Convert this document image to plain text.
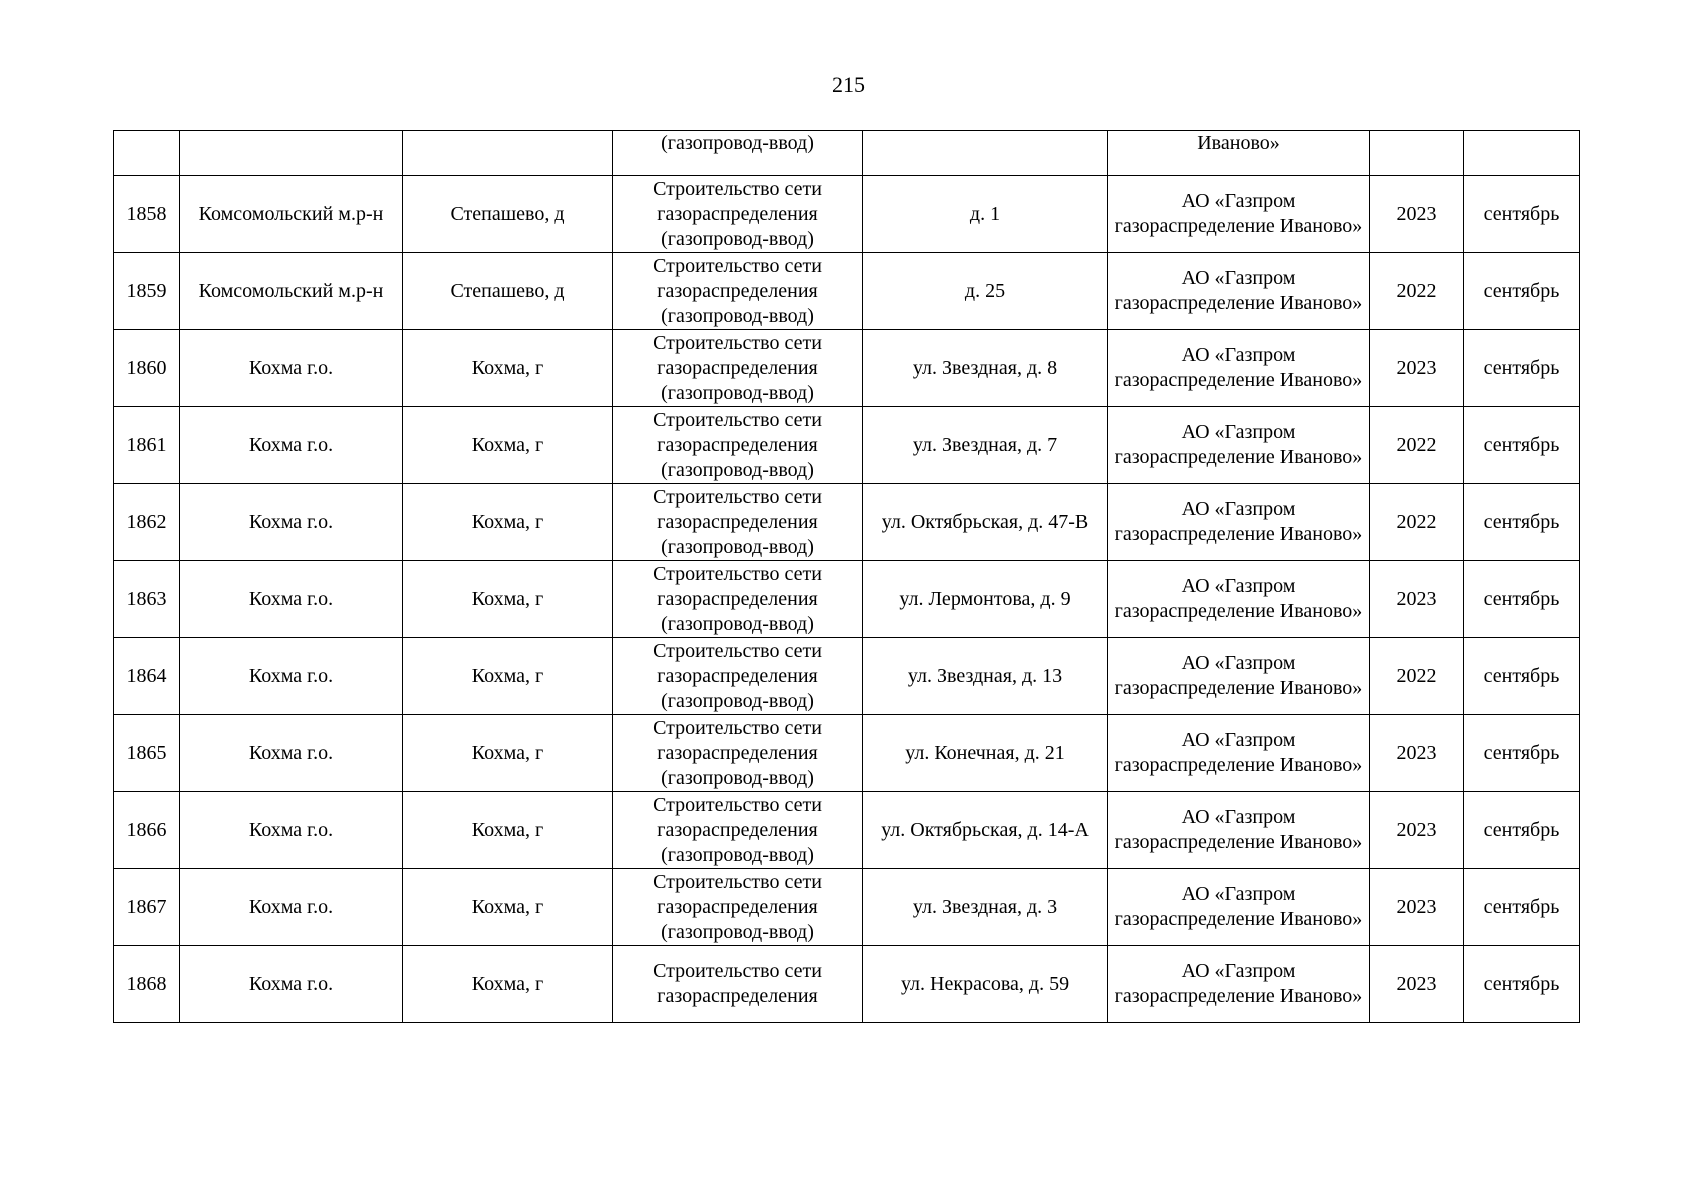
215
			(газопровод-ввод)		Иваново»		
1858	Комсомольский м.р-н	Степашево, д	Строительство сети газораспределения (газопровод-ввод)	д. 1	АО «Газпром газораспределение Иваново»	2023	сентябрь
1859	Комсомольский м.р-н	Степашево, д	Строительство сети газораспределения (газопровод-ввод)	д. 25	АО «Газпром газораспределение Иваново»	2022	сентябрь
1860	Кохма г.о.	Кохма, г	Строительство сети газораспределения (газопровод-ввод)	ул. Звездная, д. 8	АО «Газпром газораспределение Иваново»	2023	сентябрь
1861	Кохма г.о.	Кохма, г	Строительство сети газораспределения (газопровод-ввод)	ул. Звездная, д. 7	АО «Газпром газораспределение Иваново»	2022	сентябрь
1862	Кохма г.о.	Кохма, г	Строительство сети газораспределения (газопровод-ввод)	ул. Октябрьская, д. 47-В	АО «Газпром газораспределение Иваново»	2022	сентябрь
1863	Кохма г.о.	Кохма, г	Строительство сети газораспределения (газопровод-ввод)	ул. Лермонтова, д. 9	АО «Газпром газораспределение Иваново»	2023	сентябрь
1864	Кохма г.о.	Кохма, г	Строительство сети газораспределения (газопровод-ввод)	ул. Звездная, д. 13	АО «Газпром газораспределение Иваново»	2022	сентябрь
1865	Кохма г.о.	Кохма, г	Строительство сети газораспределения (газопровод-ввод)	ул. Конечная, д. 21	АО «Газпром газораспределение Иваново»	2023	сентябрь
1866	Кохма г.о.	Кохма, г	Строительство сети газораспределения (газопровод-ввод)	ул. Октябрьская, д. 14-А	АО «Газпром газораспределение Иваново»	2023	сентябрь
1867	Кохма г.о.	Кохма, г	Строительство сети газораспределения (газопровод-ввод)	ул. Звездная, д. 3	АО «Газпром газораспределение Иваново»	2023	сентябрь
1868	Кохма г.о.	Кохма, г	Строительство сети газораспределения	ул. Некрасова, д. 59	АО «Газпром газораспределение Иваново»	2023	сентябрь
